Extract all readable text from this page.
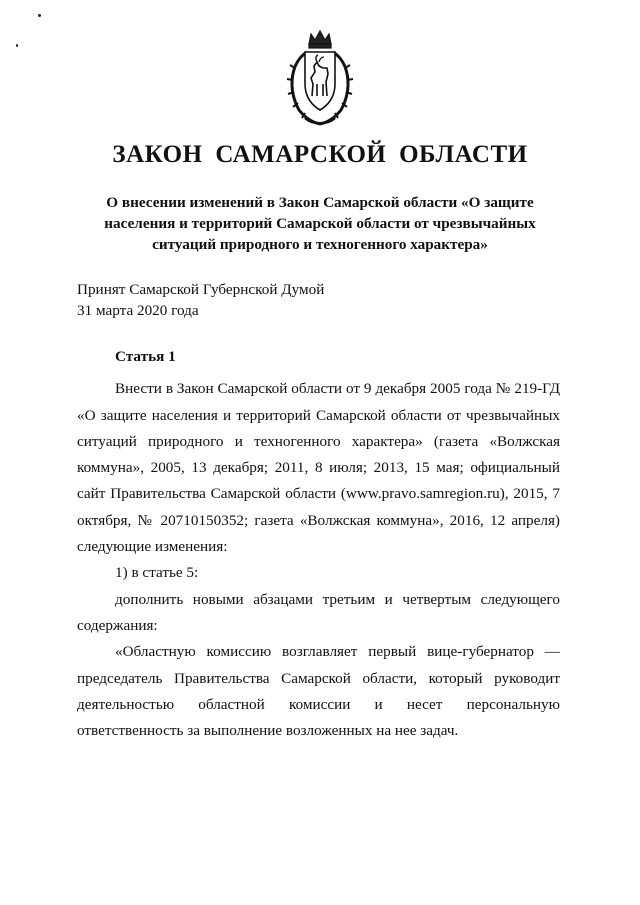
ЗАКОН САМАРСКОЙ ОБЛАСТИ
О внесении изменений в Закон Самарской области «О защите населения и территорий Самарской области от чрезвычайных ситуаций природного и техногенного характера»
Принят Самарской Губернской Думой
31 марта 2020 года

Статья 1

Внести в Закон Самарской области от 9 декабря 2005 года № 219-ГД «О защите населения и территорий Самарской области от чрезвычайных ситуаций природного и техногенного характера» (газета «Волжская коммуна», 2005, 13 декабря; 2011, 8 июля; 2013, 15 мая; официальный сайт Правительства Самарской области (www.pravo.samregion.ru), 2015, 7 октября, № 20710150352; газета «Волжская коммуна», 2016, 12 апреля) следующие изменения:

1) в статье 5:

дополнить новыми абзацами третьим и четвертым следующего содержания:

«Областную комиссию возглавляет первый вице-губернатор — председатель Правительства Самарской области, который руководит деятельностью областной комиссии и несет персональную ответственность за выполнение возложенных на нее задач.
